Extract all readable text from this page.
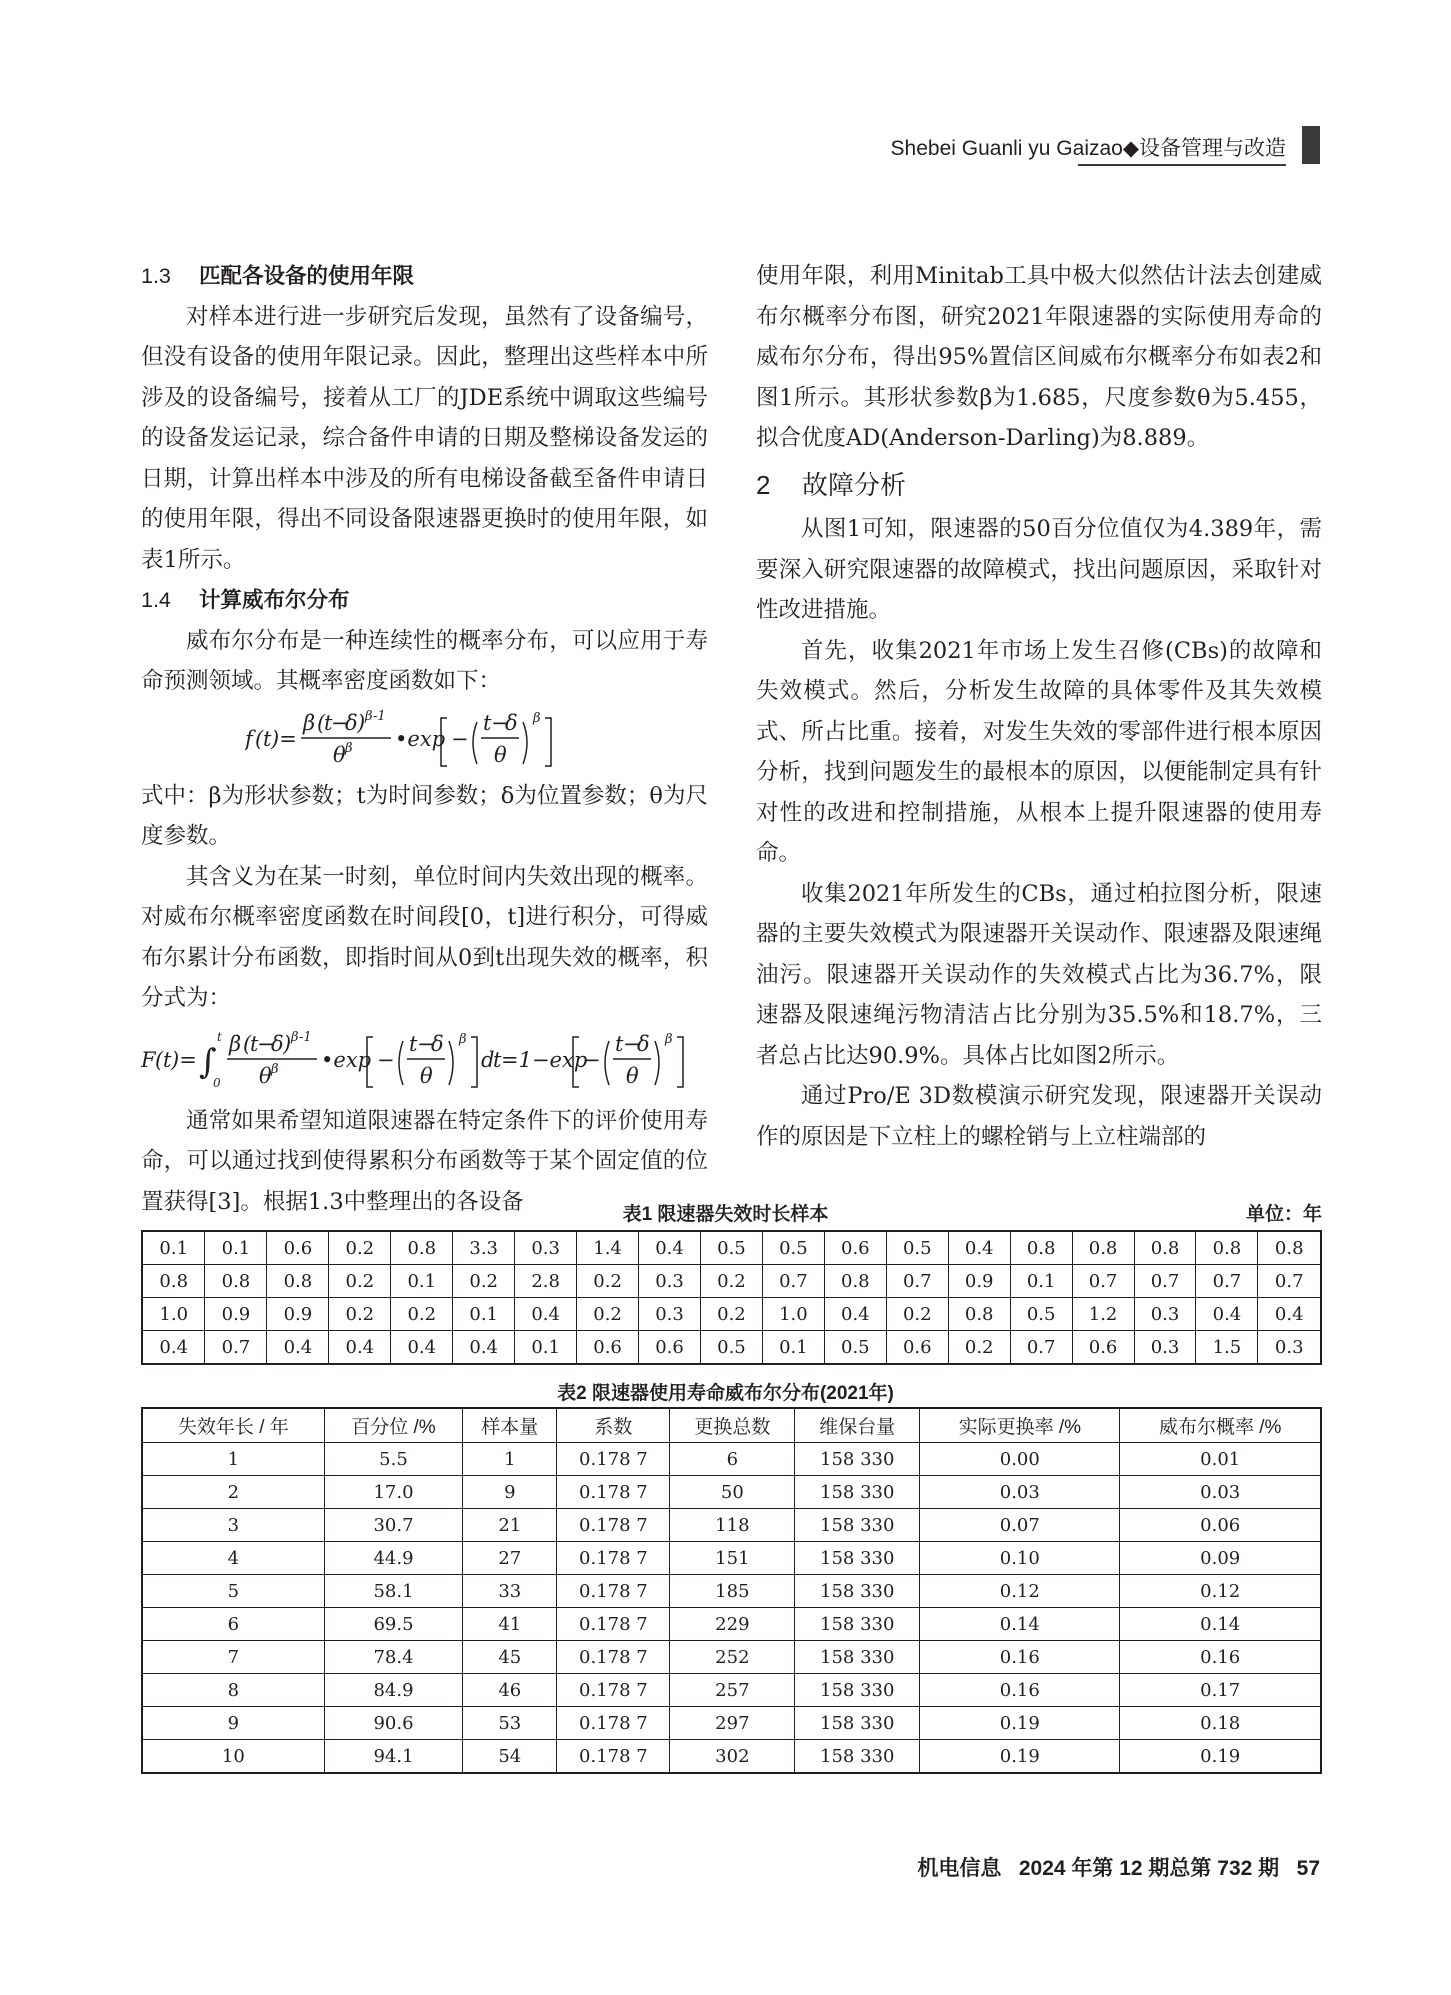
Shebei Guanli yu Gaizao◆设备管理与改造

1.3 匹配各设备的使用年限

对样本进行进一步研究后发现，虽然有了设备编号，但没有设备的使用年限记录。因此，整理出这些样本中所涉及的设备编号，接着从工厂的JDE系统中调取这些编号的设备发运记录，综合备件申请的日期及整梯设备发运的日期，计算出样本中涉及的所有电梯设备截至备件申请日的使用年限，得出不同设备限速器更换时的使用年限，如表1所示。

1.4 计算威布尔分布

威布尔分布是一种连续性的概率分布，可以应用于寿命预测领域。其概率密度函数如下：

f ( t )=
β (
t
−
δ ) β -1
θ β •exp −
t −
δ
θ
β

式中：β为形状参数；t为时间参数；δ为位置参数；θ为尺度参数。

其含义为在某一时刻，单位时间内失效出现的概率。对威布尔概率密度函数在时间段[0，t]进行积分，可得威布尔累计分布函数，即指时间从0到t出现失效的概率，积分式为：

F ( t )= ∫
t
0
β (
t
−
δ ) β -1
θ β •exp −
t −
δ
θ
β
d
t =1−exp
−
t −
δ
θ
β

通常如果希望知道限速器在特定条件下的评价使用寿命，可以通过找到使得累积分布函数等于某个固定值的位置获得[3]。根据1.3中整理出的各设备

使用年限，利用Minitab工具中极大似然估计法去创建威布尔概率分布图，研究2021年限速器的实际使用寿命的威布尔分布，得出95%置信区间威布尔概率分布如表2和图1所示。其形状参数β为1.685，尺度参数θ为5.455，拟合优度AD(Anderson-Darling)为8.889。

2 故障分析

从图1可知，限速器的50百分位值仅为4.389年，需要深入研究限速器的故障模式，找出问题原因，采取针对性改进措施。

首先，收集2021年市场上发生召修(CBs)的故障和失效模式。然后，分析发生故障的具体零件及其失效模式、所占比重。接着，对发生失效的零部件进行根本原因分析，找到问题发生的最根本的原因，以便能制定具有针对性的改进和控制措施，从根本上提升限速器的使用寿命。

收集2021年所发生的CBs，通过柏拉图分析，限速器的主要失效模式为限速器开关误动作、限速器及限速绳油污。限速器开关误动作的失效模式占比为36.7%，限速器及限速绳污物清洁占比分别为35.5%和18.7%，三者总占比达90.9%。具体占比如图2所示。

通过Pro/E 3D数模演示研究发现，限速器开关误动作的原因是下立柱上的螺栓销与上立柱端部的

表1 限速器失效时长样本	单位：年
0.1	0.1	0.6	0.2	0.8	3.3	0.3	1.4	0.4	0.5	0.5	0.6	0.5	0.4	0.8	0.8	0.8	0.8	0.8
0.8	0.8	0.8	0.2	0.1	0.2	2.8	0.2	0.3	0.2	0.7	0.8	0.7	0.9	0.1	0.7	0.7	0.7	0.7
1.0	0.9	0.9	0.2	0.2	0.1	0.4	0.2	0.3	0.2	1.0	0.4	0.2	0.8	0.5	1.2	0.3	0.4	0.4
0.4	0.7	0.4	0.4	0.4	0.4	0.1	0.6	0.6	0.5	0.1	0.5	0.6	0.2	0.7	0.6	0.3	1.5	0.3
表2 限速器使用寿命威布尔分布(2021年)
失效年长 / 年	百分位 /%	样本量	系数	更换总数	维保台量	实际更换率 /%	威布尔概率 /%
1	5.5	1	0.178 7	6	158 330	0.00	0.01
2	17.0	9	0.178 7	50	158 330	0.03	0.03
3	30.7	21	0.178 7	118	158 330	0.07	0.06
4	44.9	27	0.178 7	151	158 330	0.10	0.09
5	58.1	33	0.178 7	185	158 330	0.12	0.12
6	69.5	41	0.178 7	229	158 330	0.14	0.14
7	78.4	45	0.178 7	252	158 330	0.16	0.16
8	84.9	46	0.178 7	257	158 330	0.16	0.17
9	90.6	53	0.178 7	297	158 330	0.19	0.18
10	94.1	54	0.178 7	302	158 330	0.19	0.19
机电信息   2024 年第 12 期总第 732 期   57
